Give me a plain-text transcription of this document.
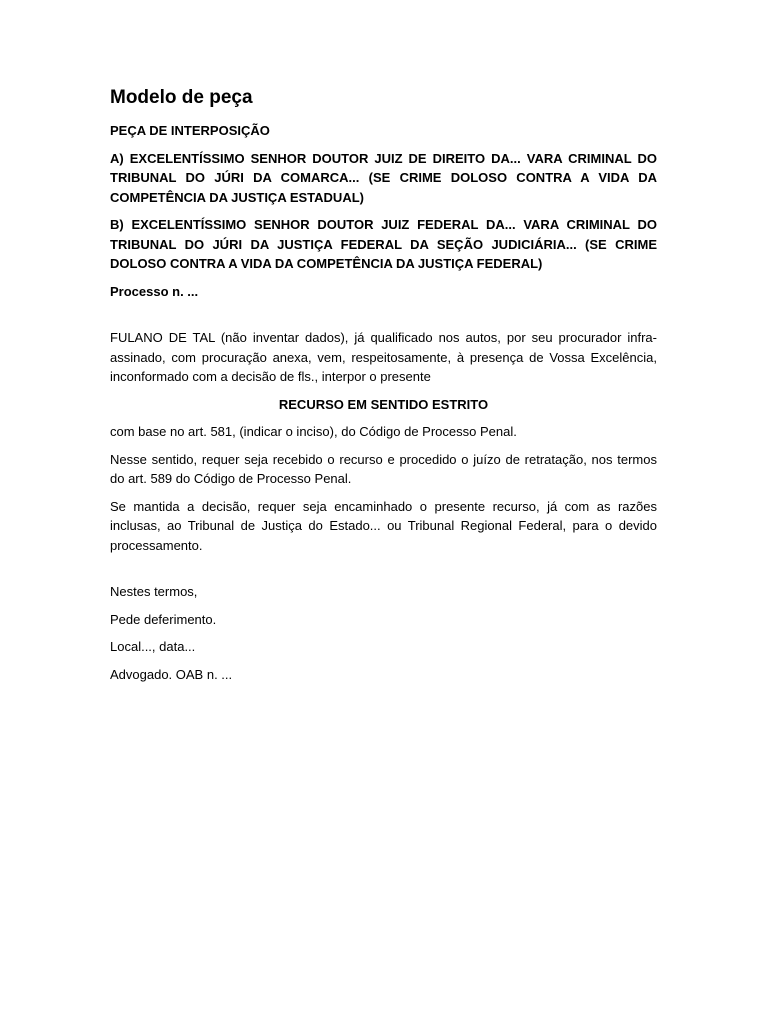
Modelo de peça
PEÇA DE INTERPOSIÇÃO
A) EXCELENTÍSSIMO SENHOR DOUTOR JUIZ DE DIREITO DA... VARA CRIMINAL DO TRIBUNAL DO JÚRI DA COMARCA... (SE CRIME DOLOSO CONTRA A VIDA DA COMPETÊNCIA DA JUSTIÇA ESTADUAL)
B) EXCELENTÍSSIMO SENHOR DOUTOR JUIZ FEDERAL DA... VARA CRIMINAL DO TRIBUNAL DO JÚRI DA JUSTIÇA FEDERAL DA SEÇÃO JUDICIÁRIA... (SE CRIME DOLOSO CONTRA A VIDA DA COMPETÊNCIA DA JUSTIÇA FEDERAL)
Processo n. ...
FULANO DE TAL (não inventar dados), já qualificado nos autos, por seu procurador infra-assinado, com procuração anexa, vem, respeitosamente, à presença de Vossa Excelência, inconformado com a decisão de fls., interpor o presente
RECURSO EM SENTIDO ESTRITO
com base no art. 581, (indicar o inciso), do Código de Processo Penal.
Nesse sentido, requer seja recebido o recurso e procedido o juízo de retratação, nos termos do art. 589 do Código de Processo Penal.
Se mantida a decisão, requer seja encaminhado o presente recurso, já com as razões inclusas, ao Tribunal de Justiça do Estado... ou Tribunal Regional Federal, para o devido processamento.
Nestes termos,
Pede deferimento.
Local..., data...
Advogado. OAB n. ...
